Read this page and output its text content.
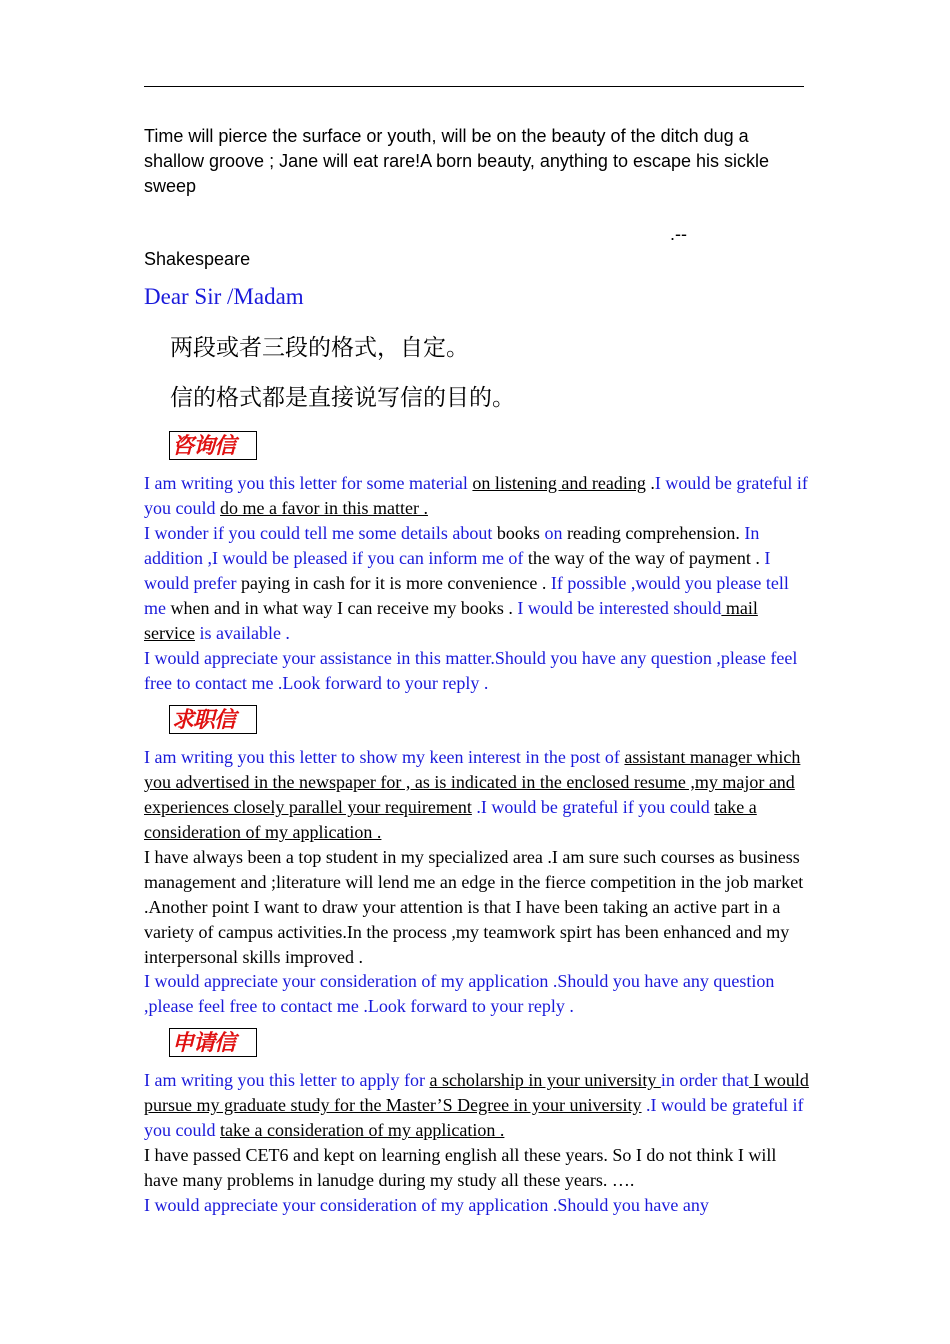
Time will pierce the surface or youth, will be on the beauty of the ditch dug a shallow groove ; Jane will eat rare!A born beauty, anything to escape his sickle sweep

.--
Shakespeare
Dear Sir /Madam
两段或者三段的格式，自定。
信的格式都是直接说写信的目的。
咨询信

I am writing you this letter for some material on listening and reading .I would be grateful if you could do me a favor in this matter .

I wonder if you could tell me some details about books on reading comprehension. In addition ,I would be pleased if you can inform me of the way of the way of payment . I would prefer paying in cash for it is more convenience . If possible ,would you please tell me when and in what way I can receive my books . I would be interested should mail service is available .

I would appreciate your assistance in this matter.Should you have any question ,please feel free to contact me .Look forward to your reply .

求职信

I am writing you this letter to show my keen interest in the post of assistant manager which you advertised in the newspaper for , as is indicated in the enclosed resume ,my major and experiences closely parallel your requirement .I would be grateful if you could take a consideration of my application .

I have always been a top student in my specialized area .I am sure such courses as business management and ;literature will lend me an edge in the fierce competition in the job market .Another point I want to draw your attention is that I have been taking an active part in a variety of campus activities.In the process ,my teamwork spirt has been enhanced and my interpersonal skills improved .

I would appreciate your consideration of my application .Should you have any question ,please feel free to contact me .Look forward to your reply .

申请信

I am writing you this letter to apply for a scholarship in your university in order that I would pursue my graduate study for the Master’S Degree in your university .I would be grateful if you could take a consideration of my application .

I have passed CET6 and kept on learning english all these years. So I do not think I will have many problems in lanudge during my study all these years. ….

I would appreciate your consideration of my application .Should you have any
